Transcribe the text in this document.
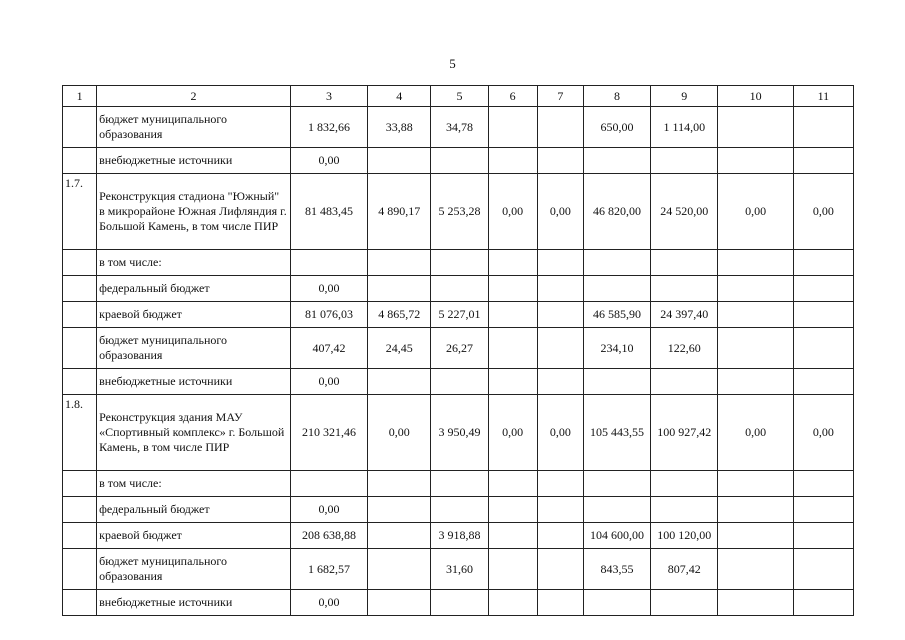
5
1	2	3	4	5	6	7	8	9	10	11
	бюджет муниципального образования	1 832,66	33,88	34,78			650,00	1 114,00		
	внебюджетные источники	0,00								
1.7.	Реконструкция стадиона "Южный" в микрорайоне Южная Лифляндия г. Большой Камень, в том числе ПИР	81 483,45	4 890,17	5 253,28	0,00	0,00	46 820,00	24 520,00	0,00	0,00
	в том числе:									
	федеральный бюджет	0,00								
	краевой бюджет	81 076,03	4 865,72	5 227,01			46 585,90	24 397,40		
	бюджет муниципального образования	407,42	24,45	26,27			234,10	122,60		
	внебюджетные источники	0,00								
1.8.	Реконструкция здания МАУ «Спортивный комплекс» г. Большой Камень, в том числе ПИР	210 321,46	0,00	3 950,49	0,00	0,00	105 443,55	100 927,42	0,00	0,00
	в том числе:									
	федеральный бюджет	0,00								
	краевой бюджет	208 638,88		3 918,88			104 600,00	100 120,00		
	бюджет муниципального образования	1 682,57		31,60			843,55	807,42		
	внебюджетные источники	0,00								
